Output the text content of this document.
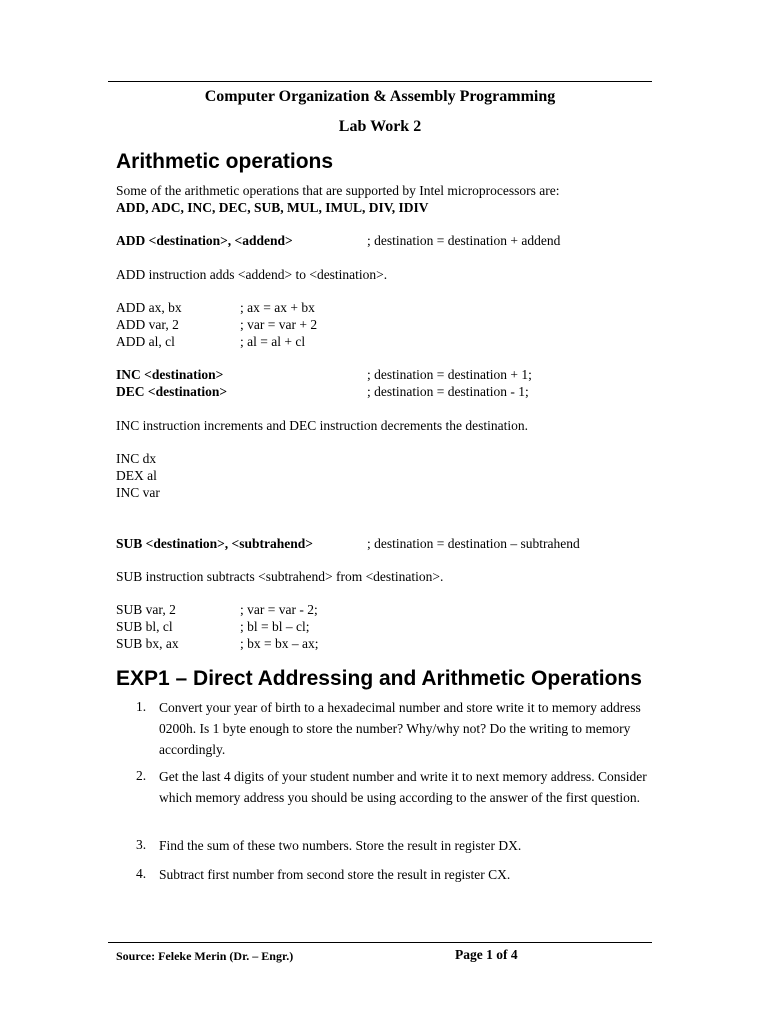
Computer Organization & Assembly Programming
Lab Work 2
Arithmetic operations
Some of the arithmetic operations that are supported by Intel microprocessors are:
ADD, ADC, INC, DEC, SUB, MUL, IMUL, DIV, IDIV
ADD <destination>, <addend>	; destination = destination + addend
ADD instruction adds <addend> to <destination>.
ADD ax, bx	; ax = ax + bx
ADD var, 2	; var = var + 2
ADD al, cl	; al = al + cl
INC <destination>	; destination = destination + 1;
DEC <destination>	; destination = destination - 1;
INC instruction increments and DEC instruction decrements the destination.
INC dx
DEX al
INC var
SUB <destination>, <subtrahend>	; destination = destination – subtrahend
SUB instruction subtracts <subtrahend> from <destination>.
SUB var, 2	; var = var - 2;
SUB bl, cl	; bl = bl – cl;
SUB bx, ax	; bx = bx – ax;
EXP1 – Direct Addressing and Arithmetic Operations
1. Convert your year of birth to a hexadecimal number and store write it to memory address 0200h. Is 1 byte enough to store the number? Why/why not? Do the writing to memory accordingly.
2. Get the last 4 digits of your student number and write it to next memory address. Consider which memory address you should be using according to the answer of the first question.
3. Find the sum of these two numbers. Store the result in register DX.
4. Subtract first number from second store the result in register CX.
Source: Feleke Merin (Dr. – Engr.)	Page 1 of 4
